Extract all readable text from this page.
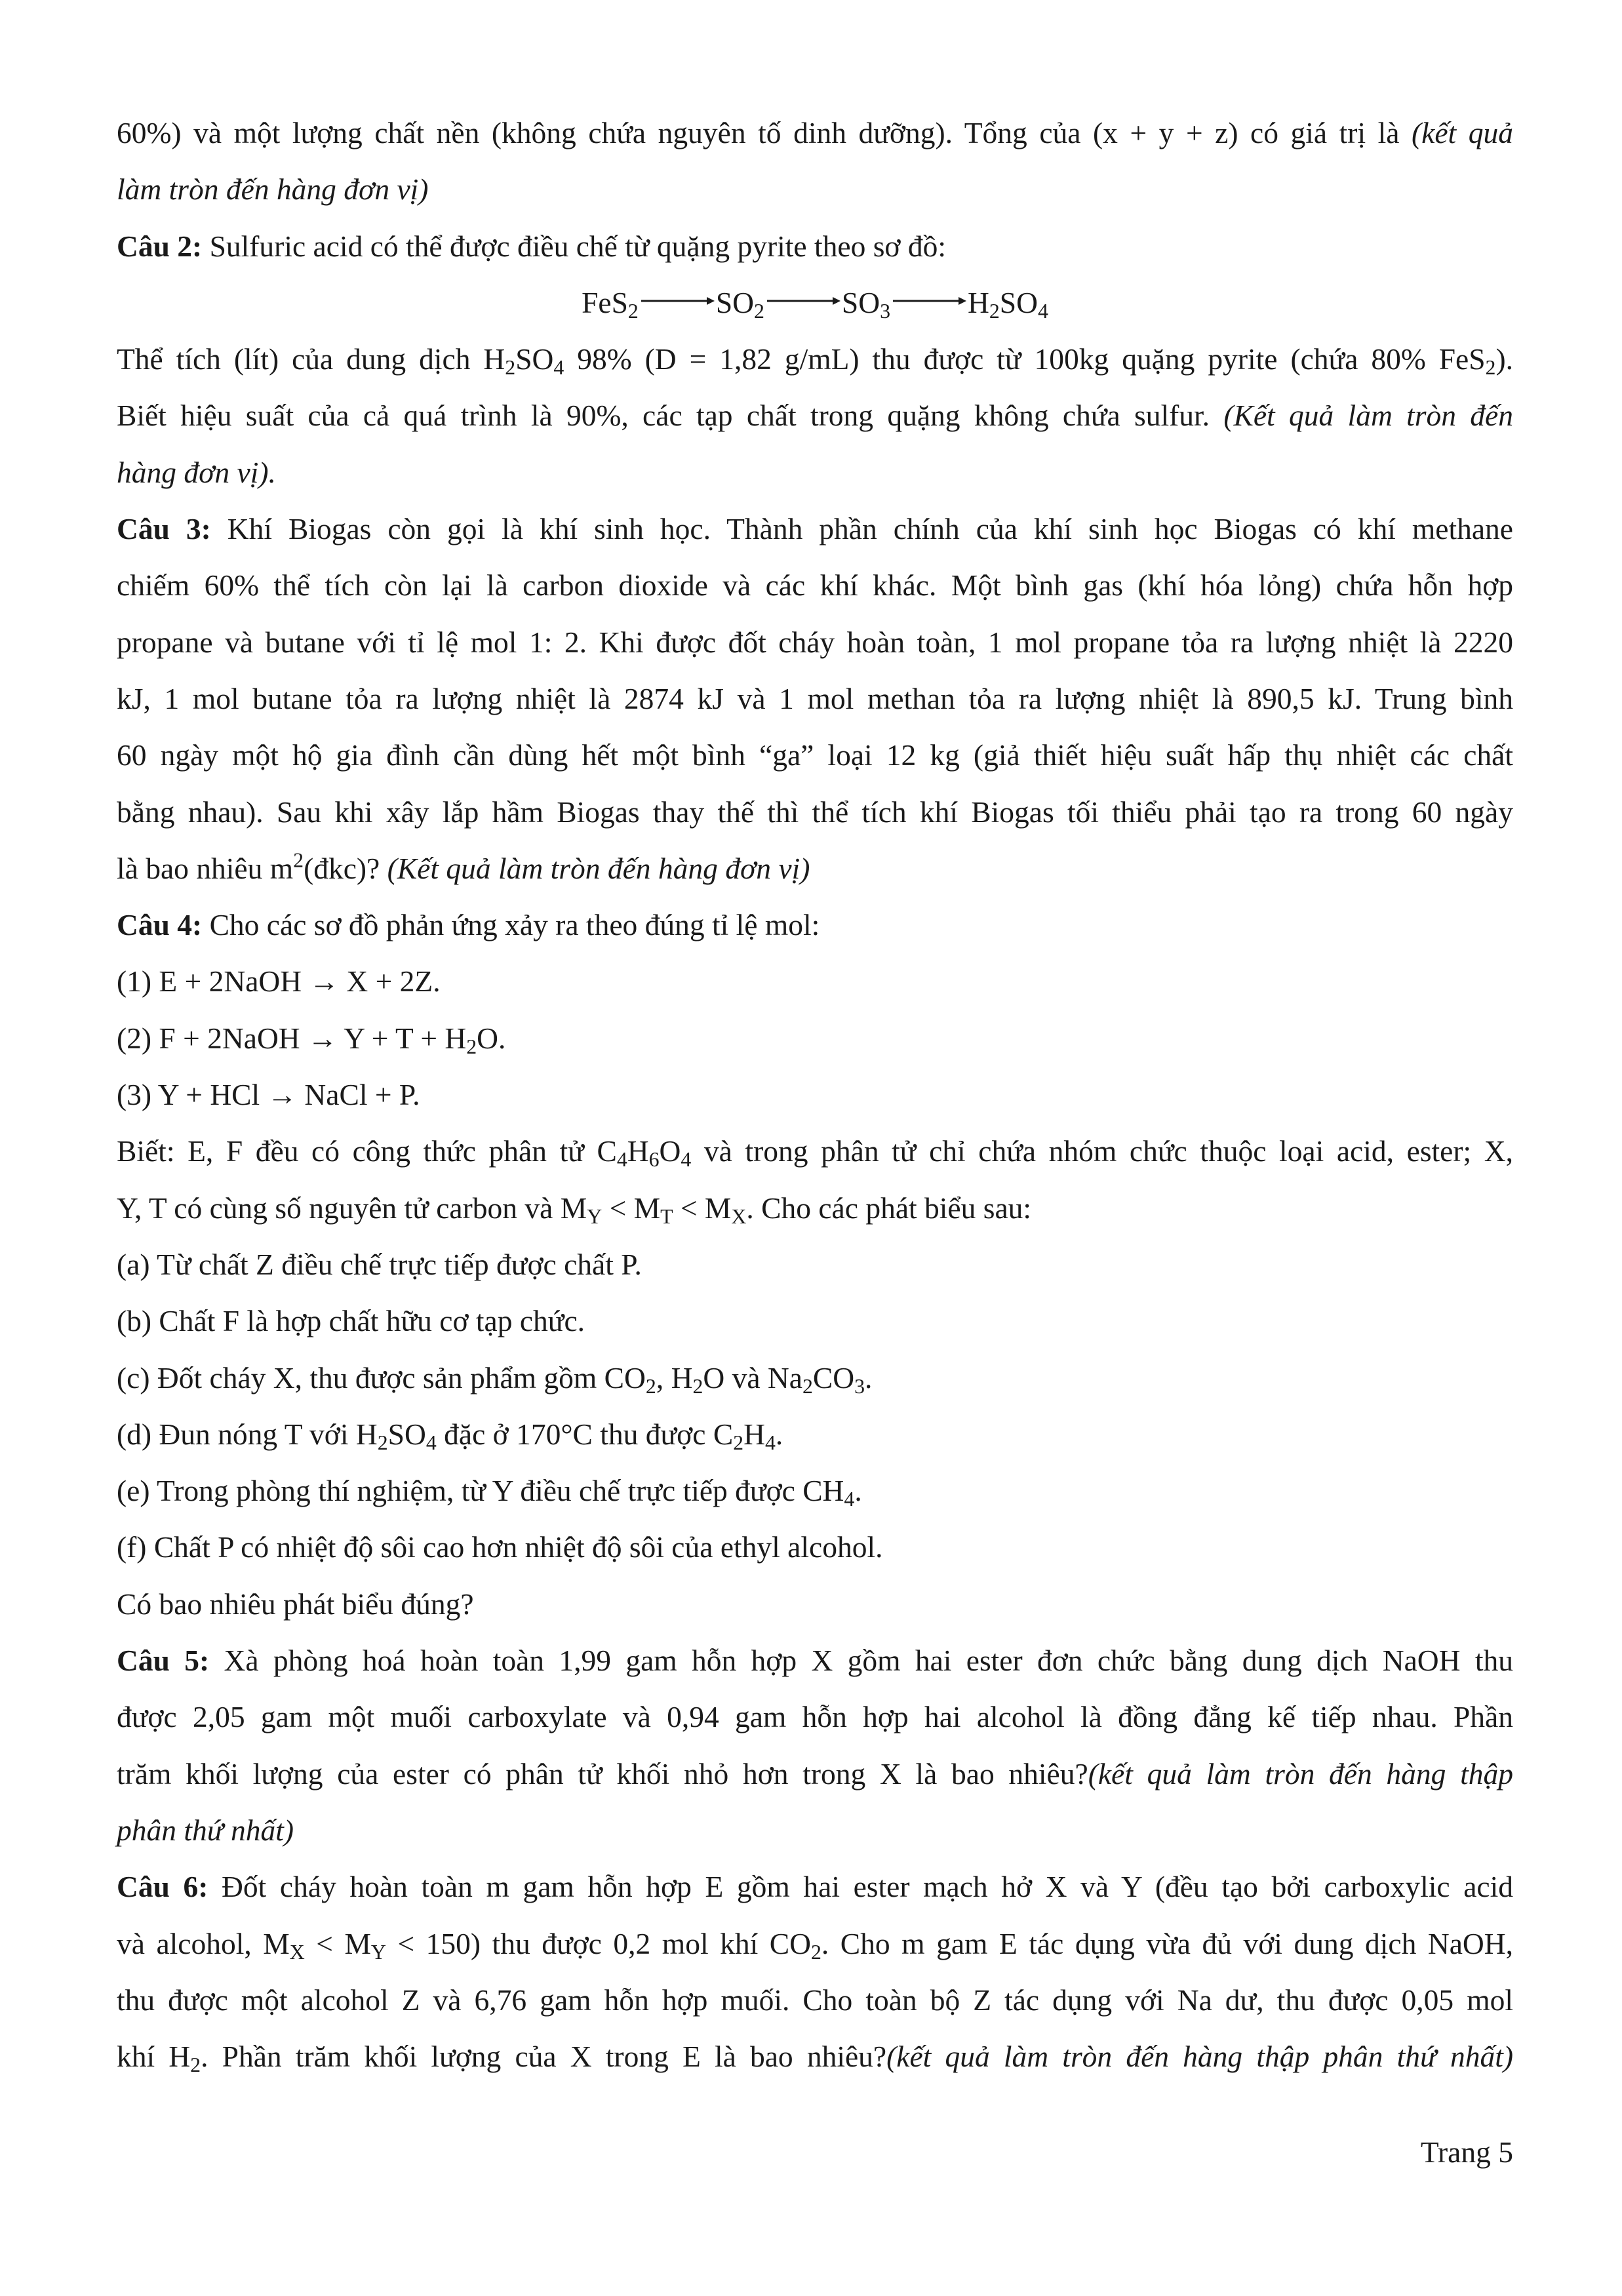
60%) và một lượng chất nền (không chứa nguyên tố dinh dưỡng). Tổng của (x + y + z) có giá trị là (kết quả
làm tròn đến hàng đơn vị)
Câu 2: Sulfuric acid có thể được điều chế từ quặng pyrite theo sơ đồ:
FeS2	SO2	SO3	H2SO4
Thể tích (lít) của dung dịch H2SO4 98% (D = 1,82 g/mL) thu được từ 100kg quặng pyrite (chứa 80% FeS2).
Biết hiệu suất của cả quá trình là 90%, các tạp chất trong quặng không chứa sulfur. (Kết quả làm tròn đến
hàng đơn vị).
Câu 3: Khí Biogas còn gọi là khí sinh học. Thành phần chính của khí sinh học Biogas có khí methane
chiếm 60% thể tích còn lại là carbon dioxide và các khí khác. Một bình gas (khí hóa lỏng) chứa hỗn hợp
propane và butane với tỉ lệ mol 1: 2. Khi được đốt cháy hoàn toàn, 1 mol propane tỏa ra lượng nhiệt là 2220
kJ, 1 mol butane tỏa ra lượng nhiệt là 2874 kJ và 1 mol methan tỏa ra lượng nhiệt là 890,5 kJ. Trung bình
60 ngày một hộ gia đình cần dùng hết một bình “ga” loại 12 kg (giả thiết hiệu suất hấp thụ nhiệt các chất
bằng nhau). Sau khi xây lắp hầm Biogas thay thế thì thể tích khí Biogas tối thiểu phải tạo ra trong 60 ngày
là bao nhiêu $m^2(đkc)$? (Kết quả làm tròn đến hàng đơn vị)
Câu 4: Cho các sơ đồ phản ứng xảy ra theo đúng tỉ lệ mol:
(1) E + 2NaOH → X + 2Z.
(2) F + 2NaOH → Y + T + H2O.
(3) Y + HCl → NaCl + P.
Biết: E, F đều có công thức phân tử C4H6O4 và trong phân tử chỉ chứa nhóm chức thuộc loại acid, ester; X,
Y, T có cùng số nguyên tử carbon và MY < MT < MX. Cho các phát biểu sau:
(a) Từ chất Z điều chế trực tiếp được chất P.
(b) Chất F là hợp chất hữu cơ tạp chức.
(c) Đốt cháy X, thu được sản phẩm gồm CO2, H2O và Na2CO3.
(d) Đun nóng T với H2SO4 đặc ở 170°C thu được C2H4.
(e) Trong phòng thí nghiệm, từ Y điều chế trực tiếp được CH4.
(f) Chất P có nhiệt độ sôi cao hơn nhiệt độ sôi của ethyl alcohol.
Có bao nhiêu phát biểu đúng?
Câu 5: Xà phòng hoá hoàn toàn 1,99 gam hỗn hợp X gồm hai ester đơn chức bằng dung dịch NaOH thu
được 2,05 gam một muối carboxylate và 0,94 gam hỗn hợp hai alcohol là đồng đẳng kế tiếp nhau. Phần
trăm khối lượng của ester có phân tử khối nhỏ hơn trong X là bao nhiêu?(kết quả làm tròn đến hàng thập
phân thứ nhất)
Câu 6: Đốt cháy hoàn toàn m gam hỗn hợp E gồm hai ester mạch hở X và Y (đều tạo bởi carboxylic acid
và alcohol, MX < MY < 150) thu được 0,2 mol khí CO2. Cho m gam E tác dụng vừa đủ với dung dịch NaOH,
thu được một alcohol Z và 6,76 gam hỗn hợp muối. Cho toàn bộ Z tác dụng với Na dư, thu được 0,05 mol
khí H2. Phần trăm khối lượng của X trong E là bao nhiêu?(kết quả làm tròn đến hàng thập phân thứ nhất)
Trang 5
